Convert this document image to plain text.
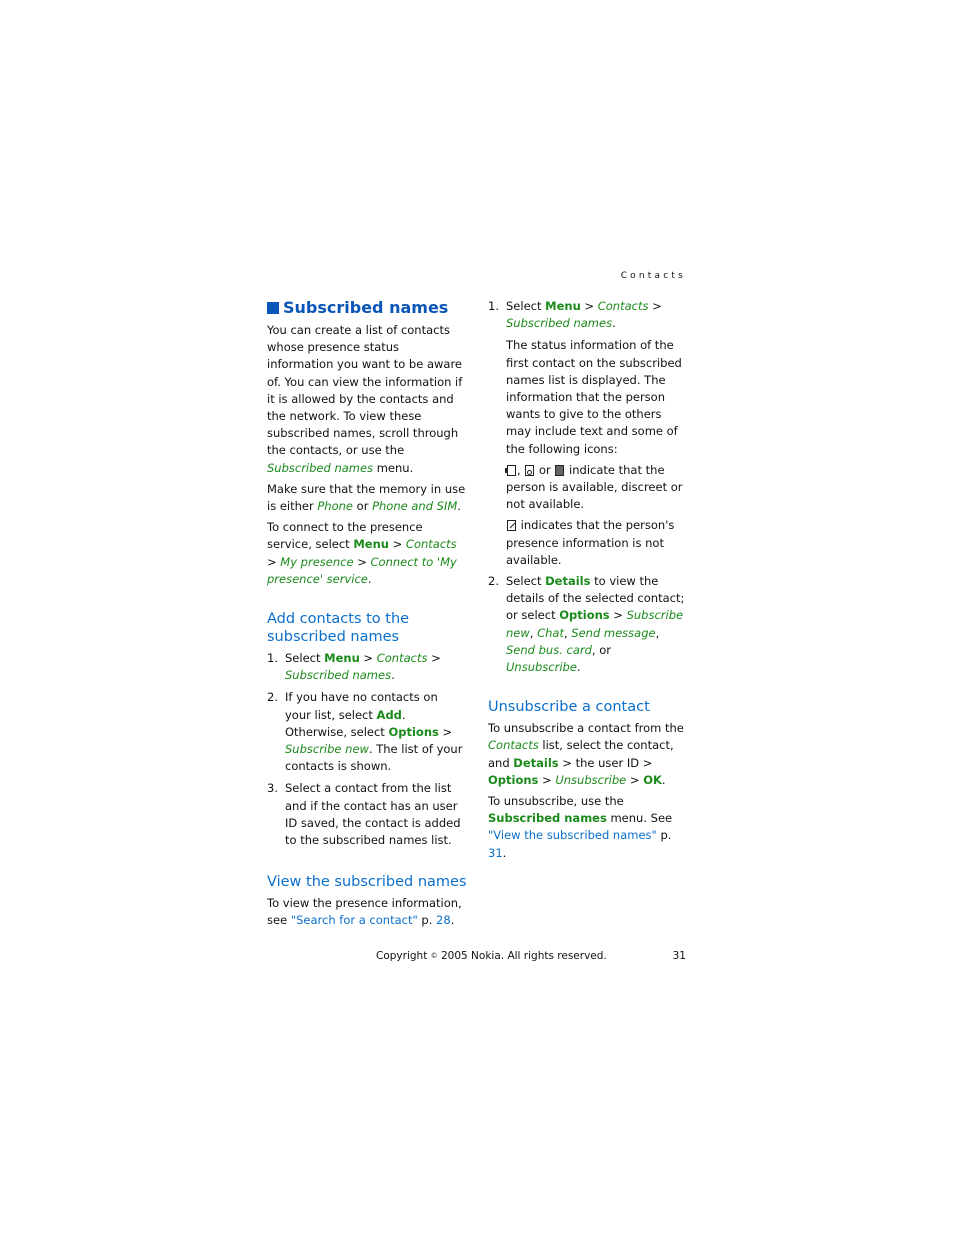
Contacts
Subscribed names

You can create a list of contacts whose presence status information you want to be aware of. You can view the information if it is allowed by the contacts and the network. To view these subscribed names, scroll through the contacts, or use the Subscribed names menu.

Make sure that the memory in use is either Phone or Phone and SIM.

To connect to the presence service, select Menu > Contacts > My presence > Connect to 'My presence' service.

Add contacts to the subscribed names
1. Select Menu > Contacts > Subscribed names.
2. If you have no contacts on your list, select Add. Otherwise, select Options > Subscribe new. The list of your contacts is shown.
3. Select a contact from the list and if the contact has an user ID saved, the contact is added to the subscribed names list.
View the subscribed names

To view the presence information, see "Search for a contact" p. 28.

1. Select Menu > Contacts > Subscribed names.

The status information of the first contact on the subscribed names list is displayed. The information that the person wants to give to the others may include text and some of the following icons:

,  or  indicate that the person is available, discreet or not available.

indicates that the person's presence information is not available.

2. Select Details to view the details of the selected contact; or select Options > Subscribe new, Chat, Send message, Send bus. card, or Unsubscribe.
Unsubscribe a contact

To unsubscribe a contact from the Contacts list, select the contact, and Details > the user ID > Options > Unsubscribe > OK.

To unsubscribe, use the Subscribed names menu. See "View the subscribed names" p. 31.

Copyright © 2005 Nokia. All rights reserved.	31
